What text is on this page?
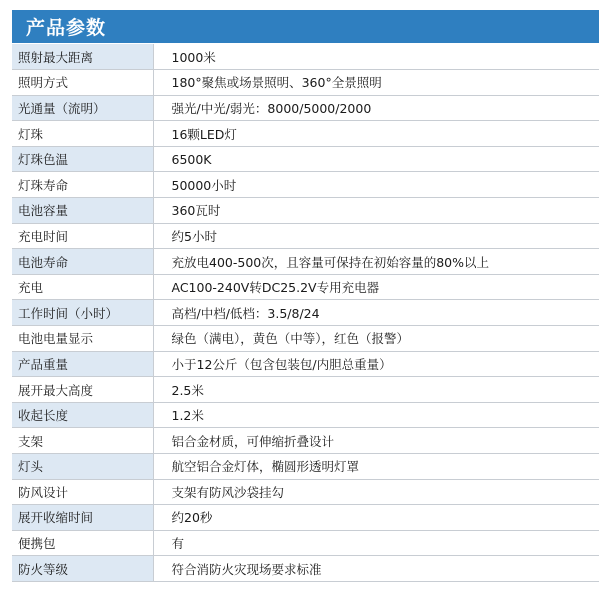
产品参数
照射最大距离	1000米
照明方式	180°聚焦或场景照明、360°全景照明
光通量（流明）	强光/中光/弱光：8000/5000/2000
灯珠	16颗LED灯
灯珠色温	6500K
灯珠寿命	50000小时
电池容量	360瓦时
充电时间	约5小时
电池寿命	充放电400-500次，且容量可保持在初始容量的80%以上
充电	AC100-240V转DC25.2V专用充电器
工作时间（小时）	高档/中档/低档：3.5/8/24
电池电量显示	绿色（满电），黄色（中等），红色（报警）
产品重量	小于12公斤（包含包装包/内胆总重量）
展开最大高度	2.5米
收起长度	1.2米
支架	铝合金材质，可伸缩折叠设计
灯头	航空铝合金灯体，椭圆形透明灯罩
防风设计	支架有防风沙袋挂勾
展开收缩时间	约20秒
便携包	有
防火等级	符合消防火灾现场要求标准
